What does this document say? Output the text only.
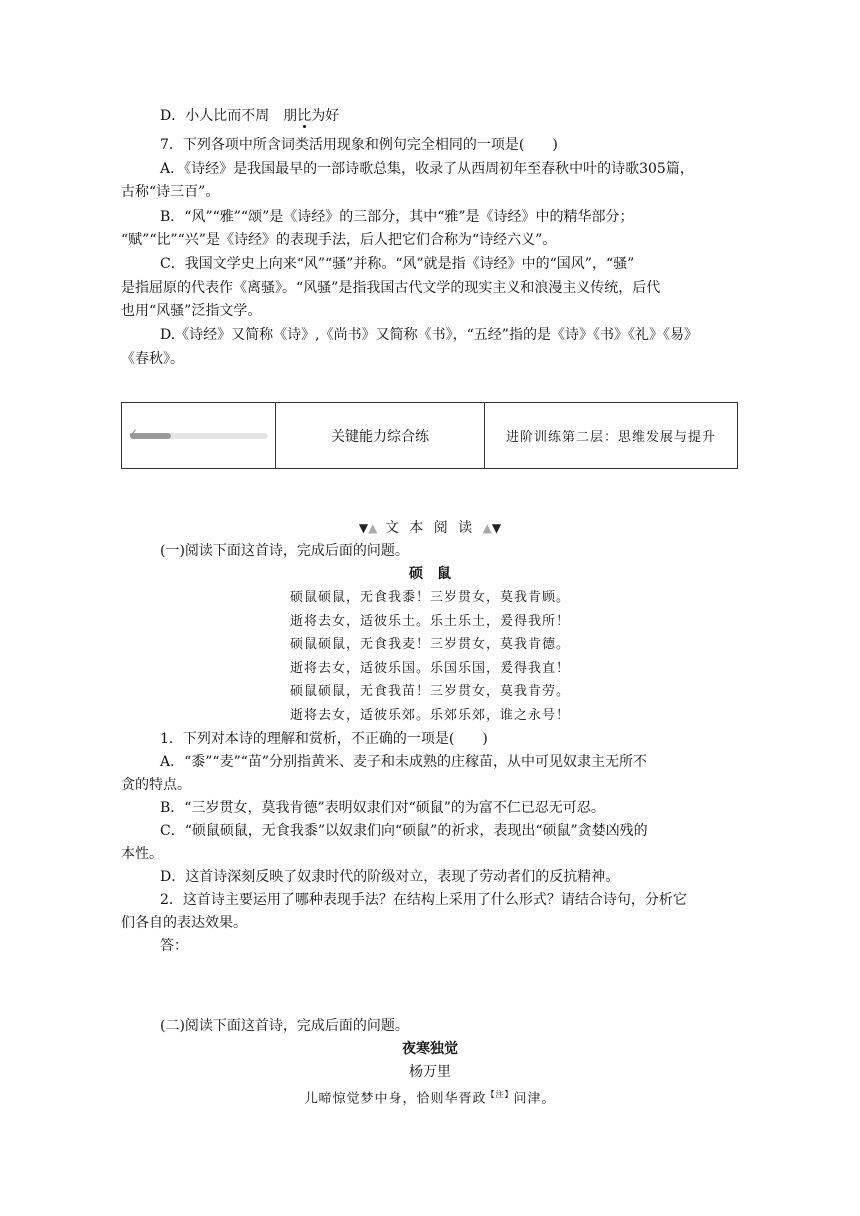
D．小人比而不周　朋比为好
7．下列各项中所含词类活用现象和例句完全相同的一项是(　　)
A．《诗经》是我国最早的一部诗歌总集，收录了从西周初年至春秋中叶的诗歌305篇，
古称“诗三百”。
B．“风”“雅”“颂”是《诗经》的三部分，其中“雅”是《诗经》中的精华部分；
“赋”“比”“兴”是《诗经》的表现手法，后人把它们合称为“诗经六义”。
C．我国文学史上向来“风”“骚”并称。“风”就是指《诗经》中的“国风”，“骚”
是指屈原的代表作《离骚》。“风骚”是指我国古代文学的现实主义和浪漫主义传统，后代
也用“风骚”泛指文学。
D.《诗经》又简称《诗》,《尚书》又简称《书》，“五经”指的是《诗》《书》《礼》《易》
《春秋》。
✓	关键能力综合练	进阶训练第二层：思维发展与提升
▼▲ 文 本 阅 读 ▲▼
(一)阅读下面这首诗，完成后面的问题。
硕　鼠
硕鼠硕鼠，无食我黍！三岁贯女，莫我肯顾。
逝将去女，适彼乐土。乐土乐土，爰得我所！
硕鼠硕鼠，无食我麦！三岁贯女，莫我肯德。
逝将去女，适彼乐国。乐国乐国，爰得我直！
硕鼠硕鼠，无食我苗！三岁贯女，莫我肯劳。
逝将去女，适彼乐郊。乐郊乐郊，谁之永号！
1．下列对本诗的理解和赏析，不正确的一项是(　　)
A．“黍”“麦”“苗”分别指黄米、麦子和未成熟的庄稼苗，从中可见奴隶主无所不
贪的特点。
B．“三岁贯女，莫我肯德”表明奴隶们对“硕鼠”的为富不仁已忍无可忍。
C．“硕鼠硕鼠，无食我黍”以奴隶们向“硕鼠”的祈求，表现出“硕鼠”贪婪凶残的
本性。
D．这首诗深刻反映了奴隶时代的阶级对立，表现了劳动者们的反抗精神。
2．这首诗主要运用了哪种表现手法？在结构上采用了什么形式？请结合诗句，分析它
们各自的表达效果。
答：
(二)阅读下面这首诗，完成后面的问题。
夜寒独觉
杨万里
儿啼惊觉梦中身，恰则华胥政$^{【注】}$问津。
